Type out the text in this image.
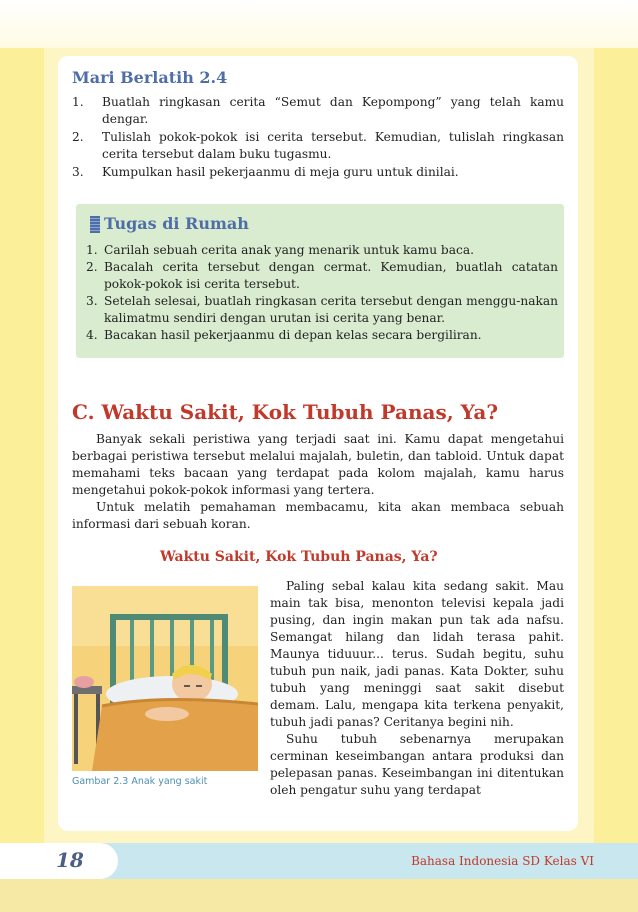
Mari Berlatih 2.4
1. Buatlah ringkasan cerita “Semut dan Kepompong” yang telah kamu dengar.
2. Tulislah pokok-pokok isi cerita tersebut. Kemudian, tulislah ringkasan cerita tersebut dalam buku tugasmu.
3. Kumpulkan hasil pekerjaanmu di meja guru untuk dinilai.
Tugas di Rumah
1. Carilah sebuah cerita anak yang menarik untuk kamu baca.
2. Bacalah cerita tersebut dengan cermat. Kemudian, buatlah catatan pokok-pokok isi cerita tersebut.
3. Setelah selesai, buatlah ringkasan cerita tersebut dengan menggu-nakan kalimatmu sendiri dengan urutan isi cerita yang benar.
4. Bacakan hasil pekerjaanmu di depan kelas secara bergiliran.
C. Waktu Sakit, Kok Tubuh Panas, Ya?

Banyak sekali peristiwa yang terjadi saat ini. Kamu dapat mengetahui berbagai peristiwa tersebut melalui majalah, buletin, dan tabloid. Untuk dapat memahami teks bacaan yang terdapat pada kolom majalah, kamu harus mengetahui pokok-pokok informasi yang tertera.

Untuk melatih pemahaman membacamu, kita akan membaca sebuah informasi dari sebuah koran.

Waktu Sakit, Kok Tubuh Panas, Ya?
Gambar 2.3 Anak yang sakit

Paling sebal kalau kita sedang sakit. Mau main tak bisa, menonton televisi kepala jadi pusing, dan ingin makan pun tak ada nafsu. Semangat hilang dan lidah terasa pahit. Maunya tiduuur... terus. Sudah begitu, suhu tubuh pun naik, jadi panas. Kata Dokter, suhu tubuh yang meninggi saat sakit disebut demam. Lalu, mengapa kita terkena penyakit, tubuh jadi panas? Ceritanya begini nih.

Suhu tubuh sebenarnya merupakan cerminan keseimbangan antara produksi dan pelepasan panas. Keseimbangan ini ditentukan oleh pengatur suhu yang terdapat

18	Bahasa Indonesia SD Kelas VI
